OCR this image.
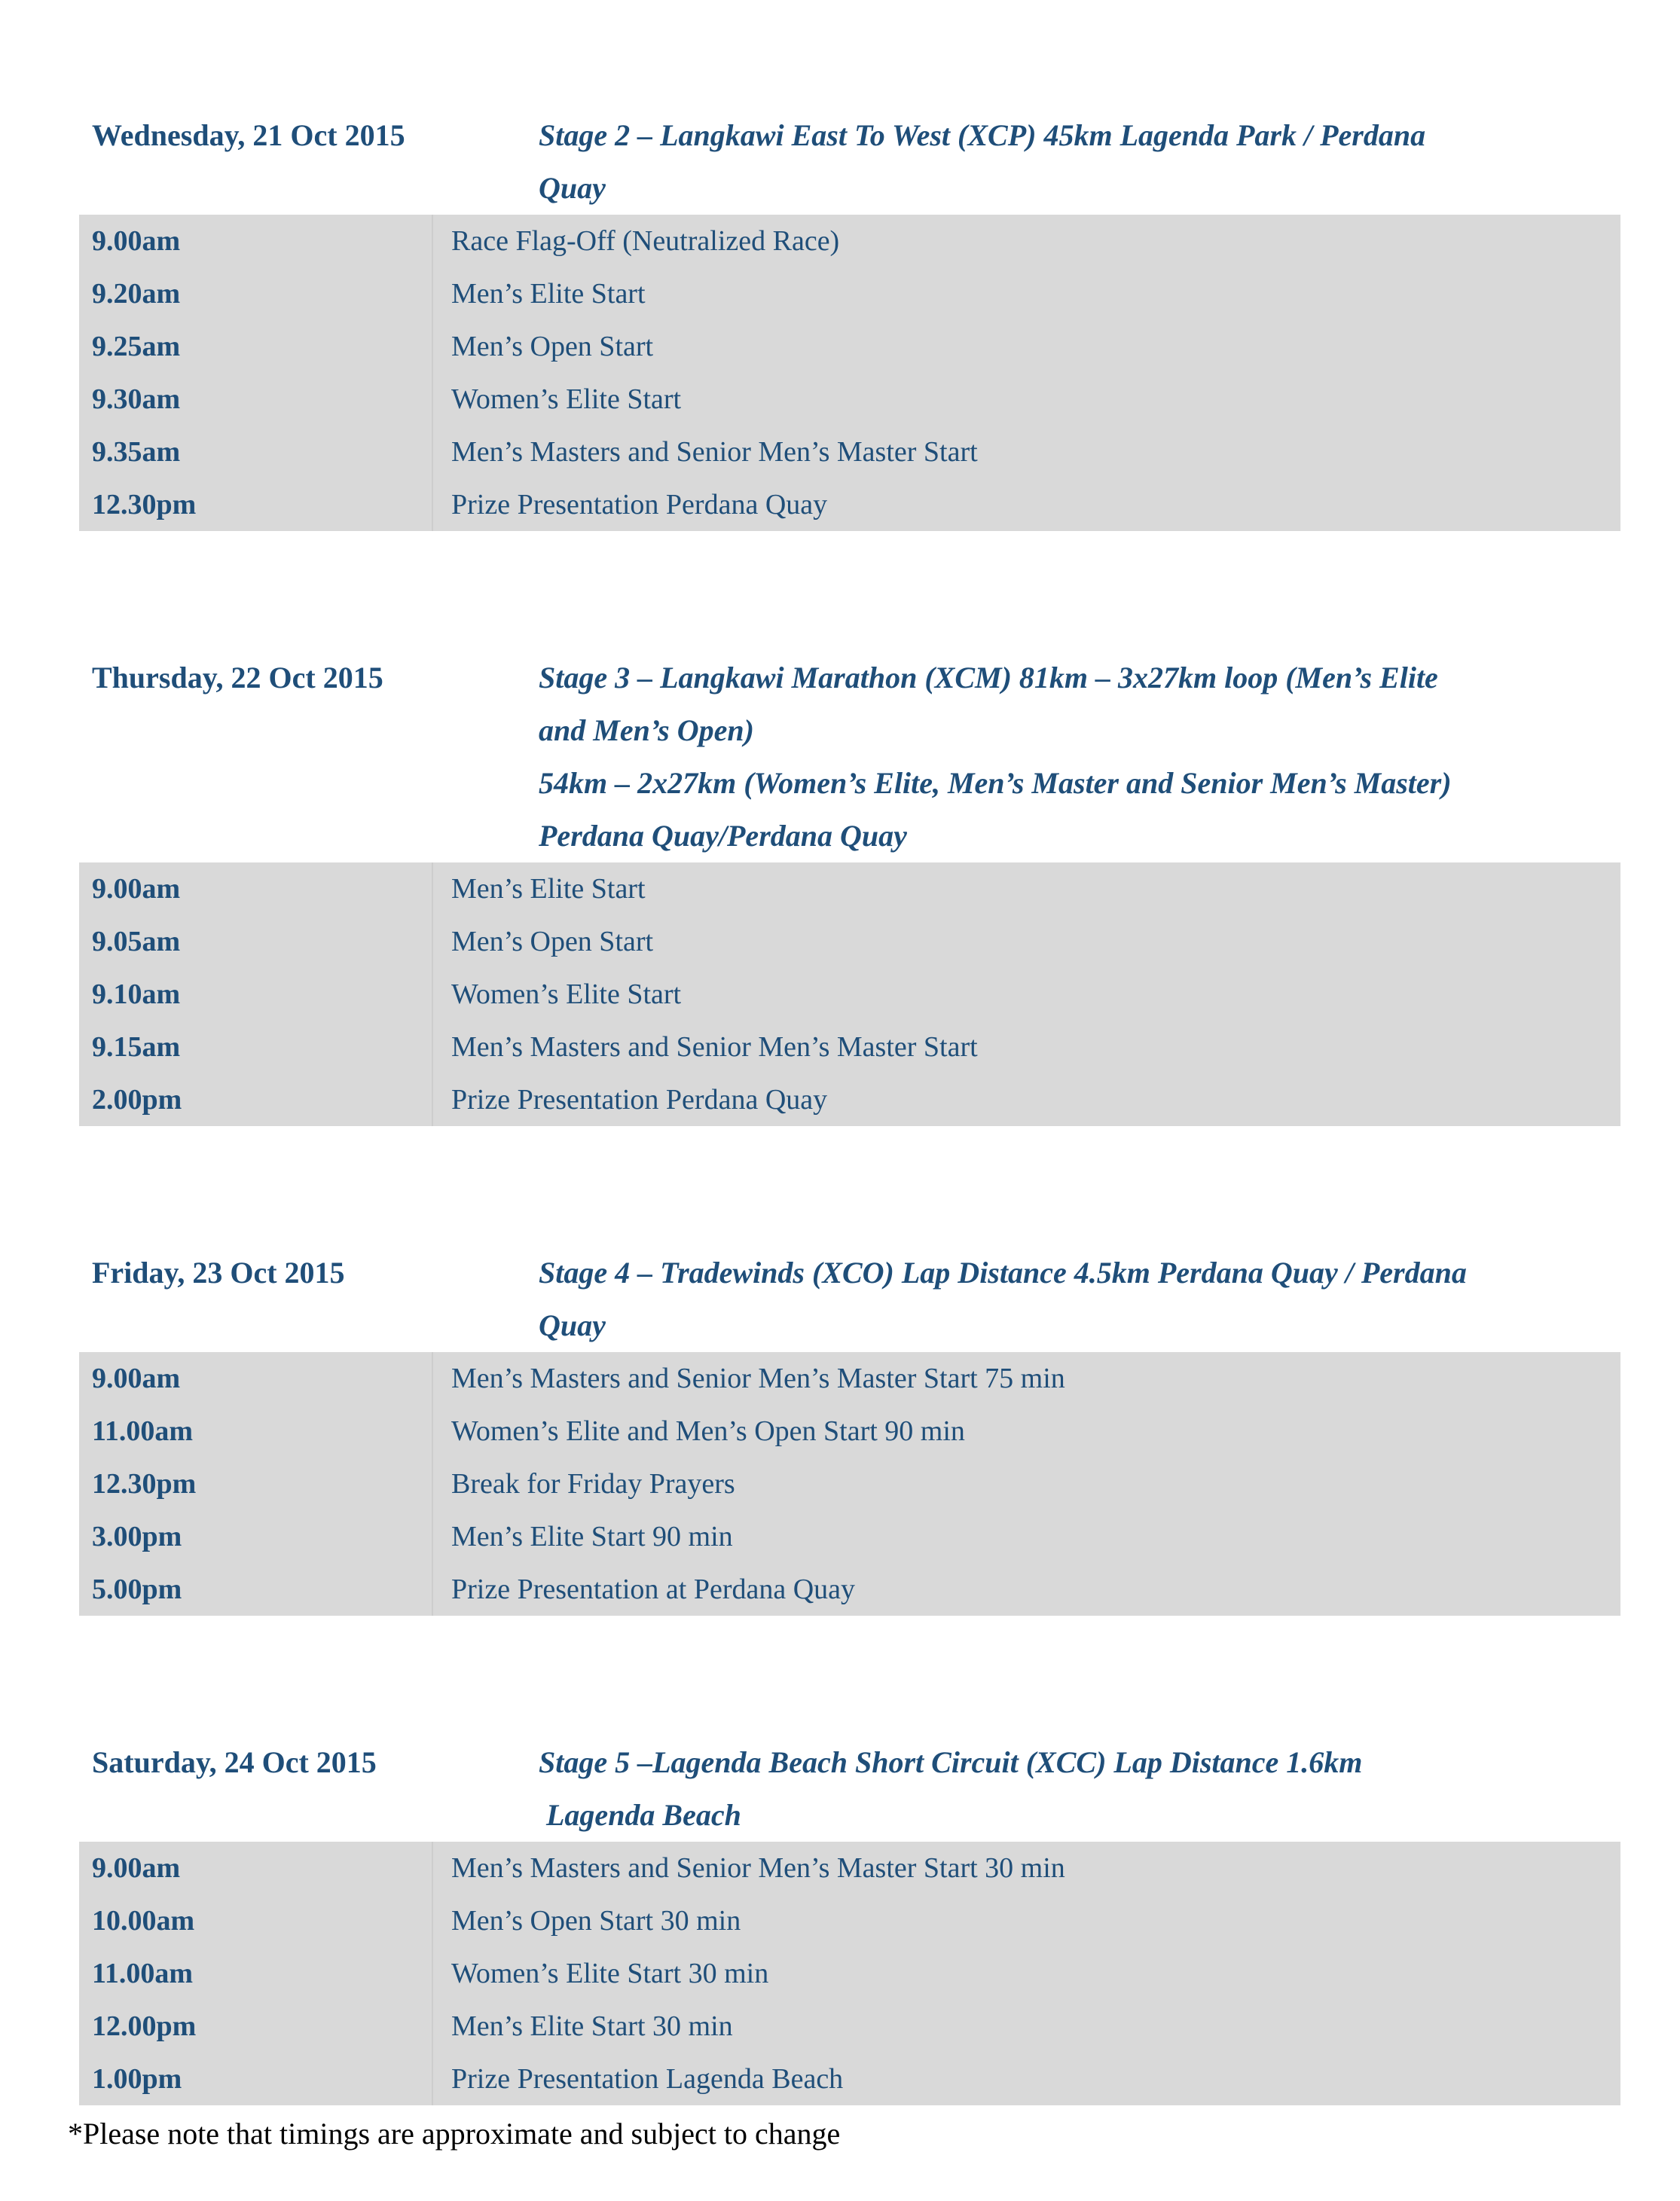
Wednesday, 21 Oct 2015	Stage 2 – Langkawi East To West (XCP) 45km Lagenda Park / Perdana
Quay
9.00am	Race Flag-Off (Neutralized Race)
9.20am	Men’s Elite Start
9.25am	Men’s Open Start
9.30am	Women’s Elite Start
9.35am	Men’s Masters and Senior Men’s Master Start
12.30pm	Prize Presentation Perdana Quay
Thursday, 22 Oct 2015	Stage 3 – Langkawi Marathon (XCM) 81km – 3x27km loop (Men’s Elite
and Men’s Open)
54km – 2x27km (Women’s Elite, Men’s Master and Senior Men’s Master)
Perdana Quay/Perdana Quay
9.00am	Men’s Elite Start
9.05am	Men’s Open Start
9.10am	Women’s Elite Start
9.15am	Men’s Masters and Senior Men’s Master Start
2.00pm	Prize Presentation Perdana Quay
Friday, 23 Oct 2015	Stage 4 – Tradewinds (XCO) Lap Distance 4.5km Perdana Quay / Perdana
Quay
9.00am	Men’s Masters and Senior Men’s Master Start 75 min
11.00am	Women’s Elite and Men’s Open Start 90 min
12.30pm	Break for Friday Prayers
3.00pm	Men’s Elite Start 90 min
5.00pm	Prize Presentation at Perdana Quay
Saturday, 24 Oct 2015	Stage 5 –Lagenda Beach Short Circuit (XCC) Lap Distance 1.6km
Lagenda Beach
9.00am	Men’s Masters and Senior Men’s Master Start 30 min
10.00am	Men’s Open Start 30 min
11.00am	Women’s Elite Start 30 min
12.00pm	Men’s Elite Start 30 min
1.00pm	Prize Presentation Lagenda Beach
*Please note that timings are approximate and subject to change
